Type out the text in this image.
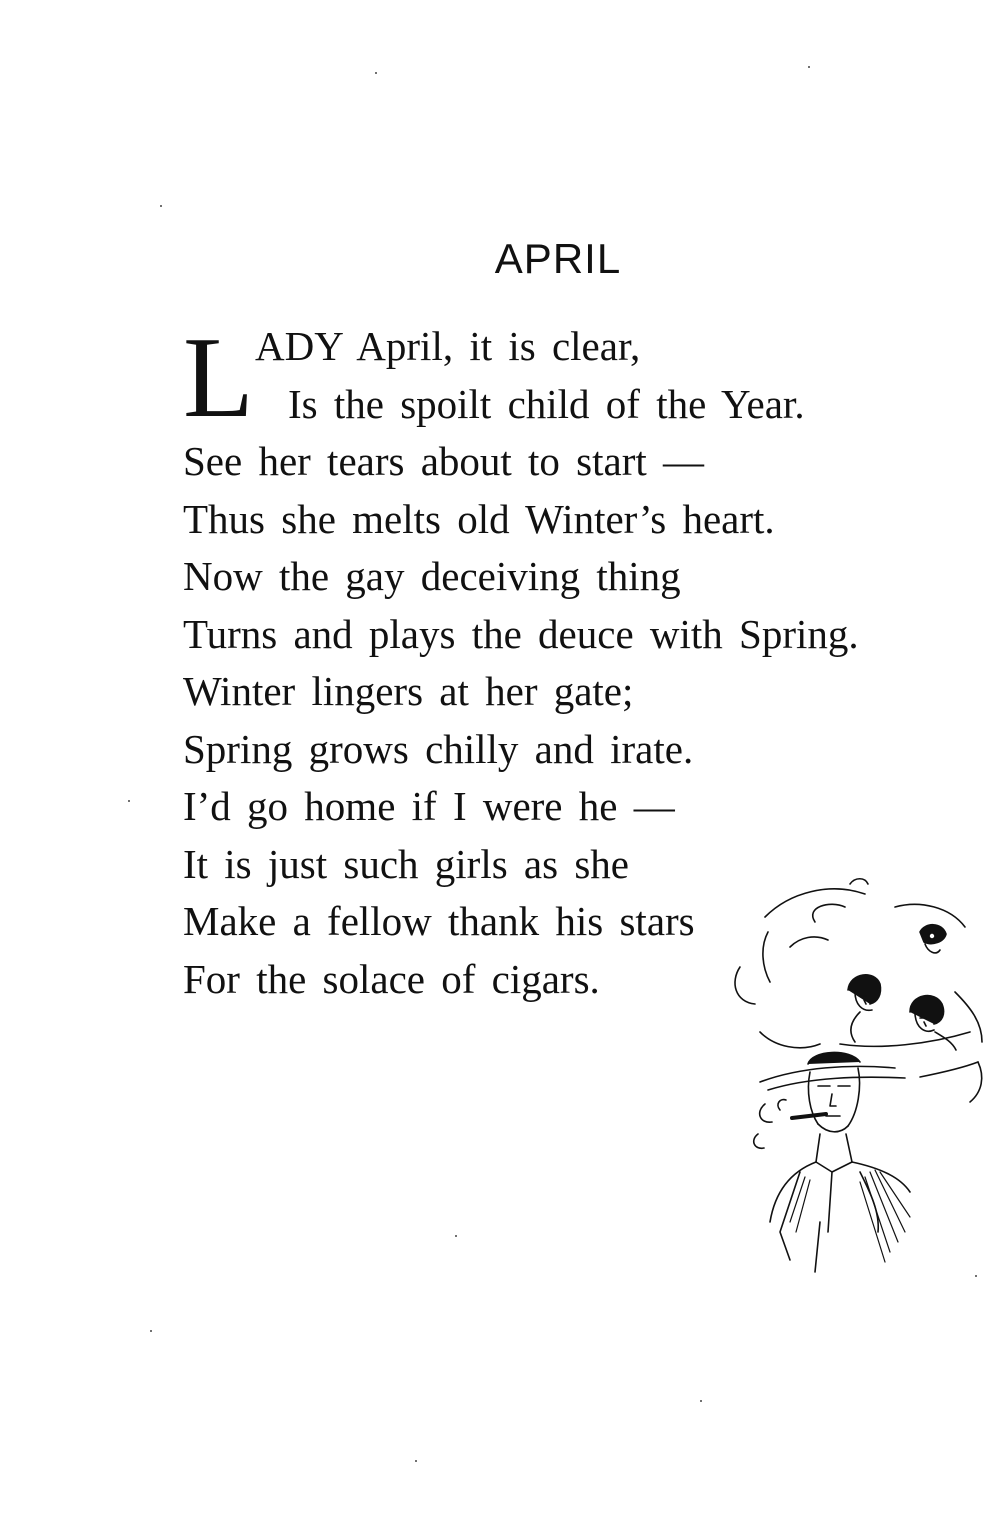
APRIL
L ADY April, it is clear,
Is the spoilt child of the Year.
See her tears about to start —
Thus she melts old Winter’s heart.
Now the gay deceiving thing
Turns and plays the deuce with Spring.
Winter lingers at her gate;
Spring grows chilly and irate.
I’d go home if I were he —
It is just such girls as she
Make a fellow thank his stars
For the solace of cigars.
